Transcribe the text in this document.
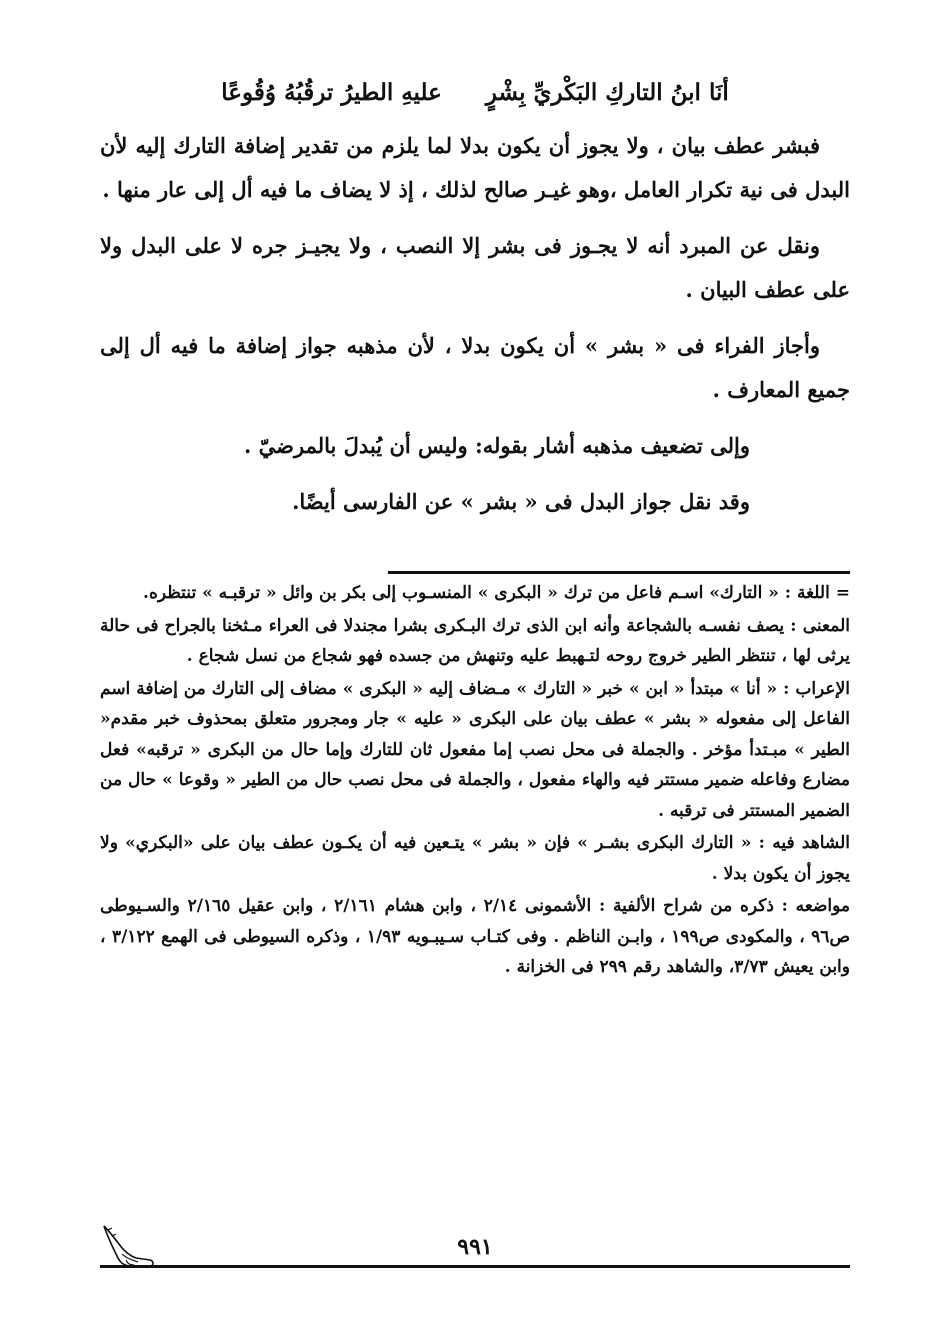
أنَا ابنُ التاركِ البَكْريِّ بِشْرٍ عليهِ الطيرُ ترقُبُهُ وُقُوعًا

فبشر عطف بيان ، ولا يجوز أن يكون بدلا لما يلزم من تقدير إضافة التارك إليه لأن البدل فى نية تكرار العامل ،وهو غيـر صالح لذلك ، إذ لا يضاف ما فيه أل إلى عار منها .

ونقل عن المبرد أنه لا يجـوز فى بشر إلا النصب ، ولا يجيـز جره لا على البدل ولا على عطف البيان .

وأجاز الفراء فى « بشر » أن يكون بدلا ، لأن مذهبه جواز إضافة ما فيه أل إلى جميع المعارف .

وإلى تضعيف مذهبه أشار بقوله: وليس أن يُبدلَ بالمرضيّ .

وقد نقل جواز البدل فى « بشر » عن الفارسى أيضًا.

= اللغة : « التارك» اسـم فاعل من ترك « البكرى » المنسـوب إلى بكر بن وائل « ترقبـه » تنتظره.

المعنى : يصف نفسـه بالشجاعة وأنه ابن الذى ترك البـكرى بشرا مجندلا فى العراء مـثخنا بالجراح فى حالة يرثى لها ، تنتظر الطير خروج روحه لتـهبط عليه وتنهش من جسده فهو شجاع من نسل شجاع .

الإعراب : « أنا » مبتدأ « ابن » خبر « التارك » مـضاف إليه « البكرى » مضاف إلى التارك من إضافة اسم الفاعل إلى مفعوله « بشر » عطف بيان على البكرى « عليه » جار ومجرور متعلق بمحذوف خبر مقدم« الطير » مبـتدأ مؤخر . والجملة فى محل نصب إما مفعول ثان للتارك وإما حال من البكرى « ترقبه» فعل مضارع وفاعله ضمير مستتر فيه والهاء مفعول ، والجملة فى محل نصب حال من الطير « وقوعا » حال من الضمير المستتر فى ترقبه .

الشاهد فيه : « التارك البكرى بشـر » فإن « بشر » يتـعين فيه أن يكـون عطف بيان على «البكري» ولا يجوز أن يكون بدلا .

مواضعه : ذكره من شراح الألفية : الأشمونى ٢/١٤ ، وابن هشام ٢/١٦١ ، وابن عقيل ٢/١٦٥ والسـيوطى ص٩٦ ، والمكودى ص١٩٩ ، وابـن الناظم . وفى كتـاب سـيبـويه ١/٩٣ ، وذكره السيوطى فى الهمع ٣/١٢٢ ، وابن يعيش ٣/٧٣، والشاهد رقم ٢٩٩ فى الخزانة .

٩٩١
